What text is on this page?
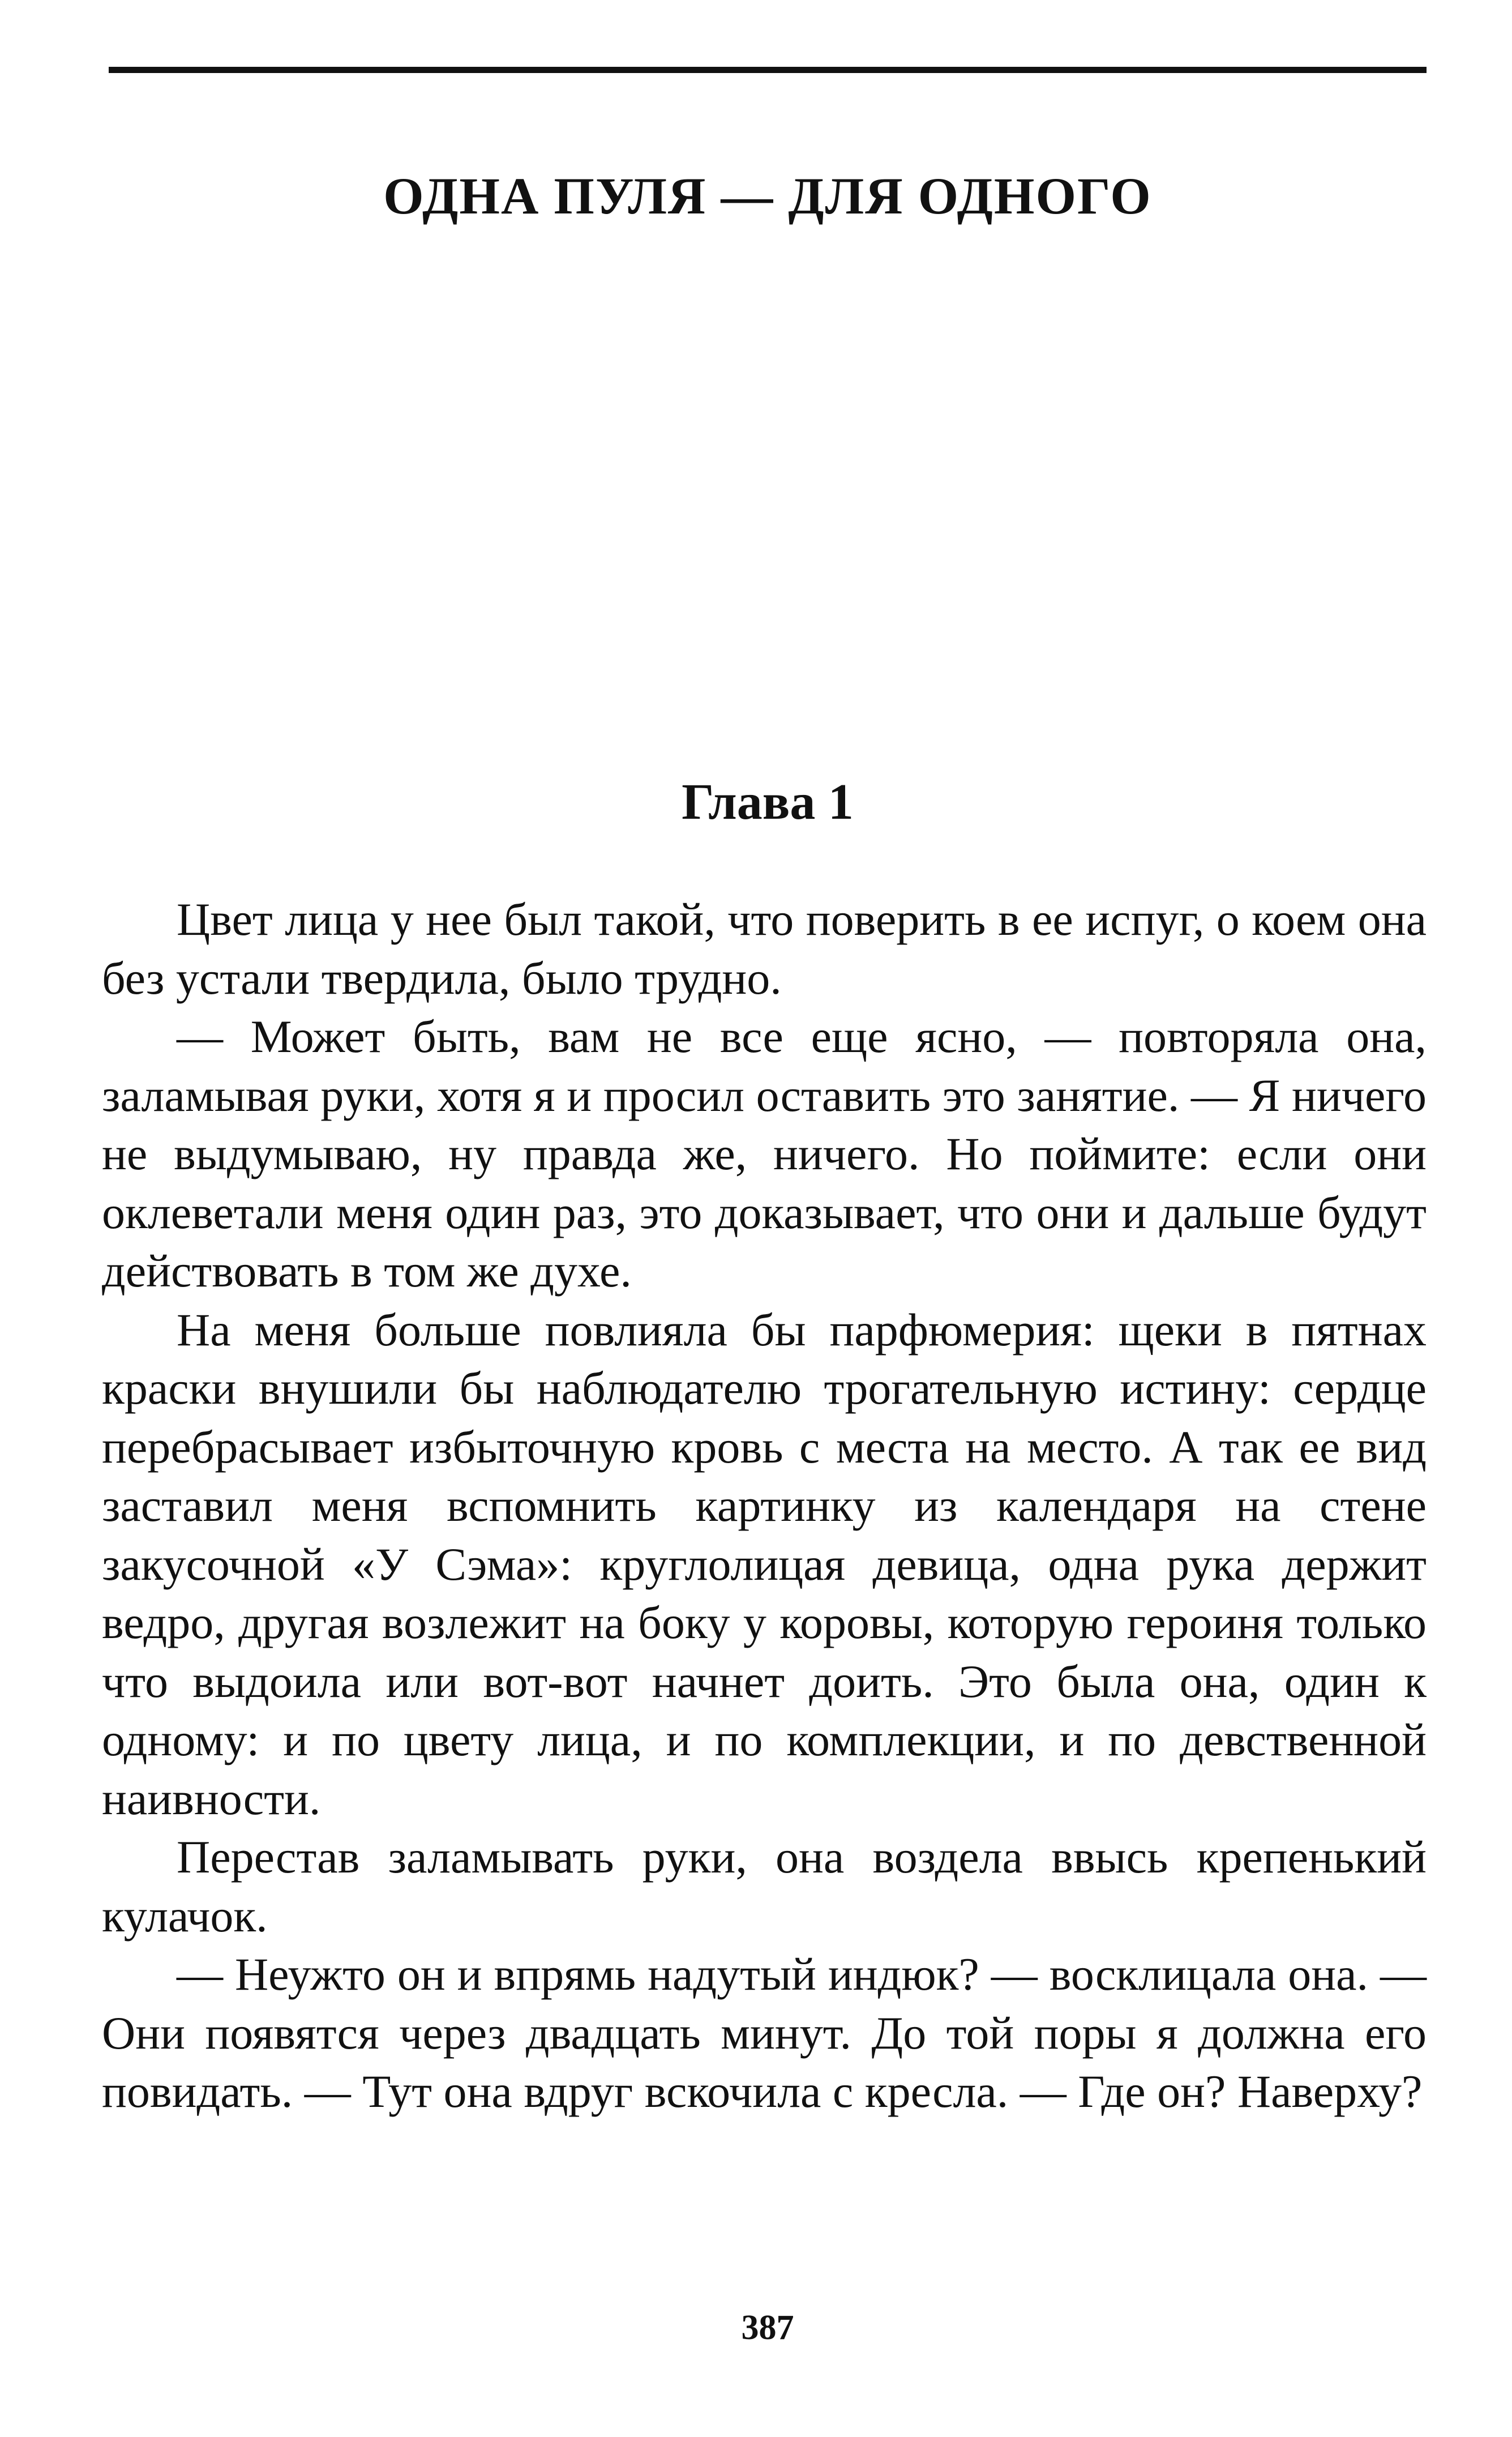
ОДНА ПУЛЯ — ДЛЯ ОДНОГО
Глава 1

Цвет лица у нее был такой, что поверить в ее испуг, о коем она без устали твердила, было трудно.

— Может быть, вам не все еще ясно, — повторяла она, заламывая руки, хотя я и просил оставить это занятие. — Я ничего не выдумываю, ну правда же, ничего. Но поймите: если они оклеветали меня один раз, это доказывает, что они и дальше будут действовать в том же духе.

На меня больше повлияла бы парфюмерия: щеки в пятнах краски внушили бы наблюдателю трогательную истину: сердце перебрасывает избыточную кровь с места на место. А так ее вид заставил меня вспомнить картинку из календаря на стене закусочной «У Сэма»: круглолицая девица, одна рука держит ведро, другая возлежит на боку у коровы, которую героиня только что выдоила или вот-вот начнет доить. Это была она, один к одному: и по цвету лица, и по комплекции, и по девственной наивности.

Перестав заламывать руки, она воздела ввысь крепенький кулачок.

— Неужто он и впрямь надутый индюк? — восклицала она. — Они появятся через двадцать минут. До той поры я должна его повидать. — Тут она вдруг вскочила с кресла. — Где он? Наверху?

387
